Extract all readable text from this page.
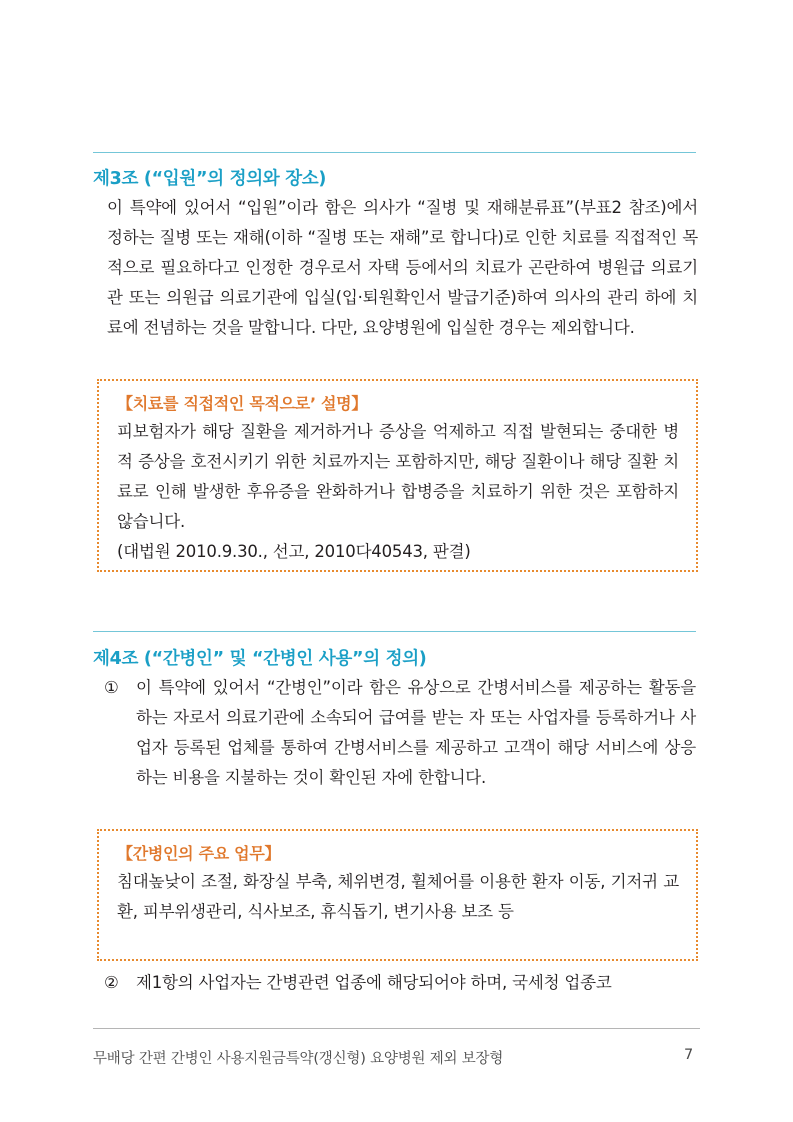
제3조 (“입원”의 정의와 장소)

이 특약에 있어서 “입원”이라 함은 의사가 “질병 및 재해분류표”(부표2 참조)에서 정하는 질병 또는 재해(이하 “질병 또는 재해”로 합니다)로 인한 치료를 직접적인 목적으로 필요하다고 인정한 경우로서 자택 등에서의 치료가 곤란하여 병원급 의료기관 또는 의원급 의료기관에 입실(입·퇴원확인서 발급기준)하여 의사의 관리 하에 치료에 전념하는 것을 말합니다. 다만, 요양병원에 입실한 경우는 제외합니다.

【치료를 직접적인 목적으로’ 설명】

피보험자가 해당 질환을 제거하거나 증상을 억제하고 직접 발현되는 중대한 병적 증상을 호전시키기 위한 치료까지는 포함하지만, 해당 질환이나 해당 질환 치료로 인해 발생한 후유증을 완화하거나 합병증을 치료하기 위한 것은 포함하지 않습니다.

(대법원 2010.9.30., 선고, 2010다40543, 판결)

제4조 (“간병인” 및 “간병인 사용”의 정의)
① 이 특약에 있어서 “간병인”이라 함은 유상으로 간병서비스를 제공하는 활동을 하는 자로서 의료기관에 소속되어 급여를 받는 자 또는 사업자를 등록하거나 사업자 등록된 업체를 통하여 간병서비스를 제공하고 고객이 해당 서비스에 상응하는 비용을 지불하는 것이 확인된 자에 한합니다.

【간병인의 주요 업무】

침대높낮이 조절, 화장실 부축, 체위변경, 휠체어를 이용한 환자 이동, 기저귀 교환, 피부위생관리, 식사보조, 휴식돕기, 변기사용 보조 등

② 제1항의 사업자는 간병관련 업종에 해당되어야 하며, 국세청 업종코

무배당 간편 간병인 사용지원금특약(갱신형) 요양병원 제외 보장형	7
